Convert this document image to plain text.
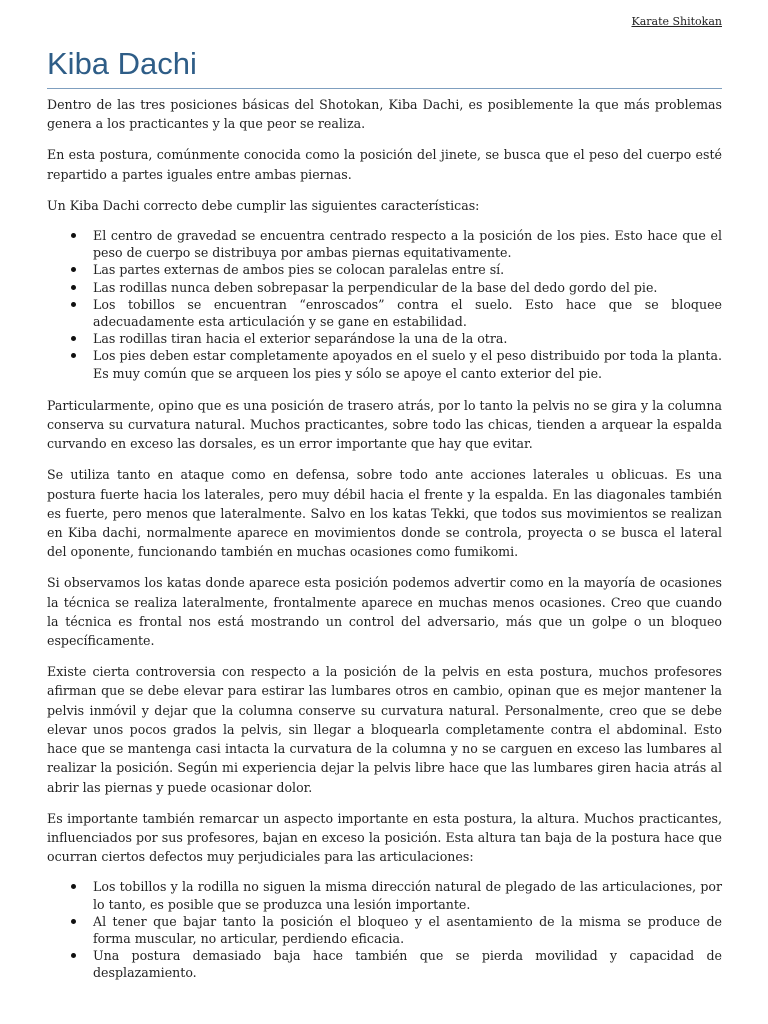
Karate Shitokan
Kiba Dachi

Dentro de las tres posiciones básicas del Shotokan, Kiba Dachi, es posiblemente la que más problemas genera a los practicantes y la que peor se realiza.

En esta postura, comúnmente conocida como la posición del jinete, se busca que el peso del cuerpo esté repartido a partes iguales entre ambas piernas.

Un Kiba Dachi correcto debe cumplir las siguientes características:

El centro de gravedad se encuentra centrado respecto a la posición de los pies. Esto hace que el peso de cuerpo se distribuya por ambas piernas equitativamente.
Las partes externas de ambos pies se colocan paralelas entre sí.
Las rodillas nunca deben sobrepasar la perpendicular de la base del dedo gordo del pie.
Los tobillos se encuentran “enroscados” contra el suelo. Esto hace que se bloquee adecuadamente esta articulación y se gane en estabilidad.
Las rodillas tiran hacia el exterior separándose la una de la otra.
Los pies deben estar completamente apoyados en el suelo y el peso distribuido por toda la planta. Es muy común que se arqueen los pies y sólo se apoye el canto exterior del pie.

Particularmente, opino que es una posición de trasero atrás, por lo tanto la pelvis no se gira y la columna conserva su curvatura natural. Muchos practicantes, sobre todo las chicas, tienden a arquear la espalda curvando en exceso las dorsales, es un error importante que hay que evitar.

Se utiliza tanto en ataque como en defensa, sobre todo ante acciones laterales u oblicuas. Es una postura fuerte hacia los laterales, pero muy débil hacia el frente y la espalda. En las diagonales también es fuerte, pero menos que lateralmente. Salvo en los katas Tekki, que todos sus movimientos se realizan en Kiba dachi, normalmente aparece en movimientos donde se controla, proyecta o se busca el lateral del oponente, funcionando también en muchas ocasiones como fumikomi.

Si observamos los katas donde aparece esta posición podemos advertir como en la mayoría de ocasiones la técnica se realiza lateralmente, frontalmente aparece en muchas menos ocasiones. Creo que cuando la técnica es frontal nos está mostrando un control del adversario, más que un golpe o un bloqueo específicamente.

Existe cierta controversia con respecto a la posición de la pelvis en esta postura, muchos profesores afirman que se debe elevar para estirar las lumbares otros en cambio, opinan que es mejor mantener la pelvis inmóvil y dejar que la columna conserve su curvatura natural. Personalmente, creo que se debe elevar unos pocos grados la pelvis, sin llegar a bloquearla completamente contra el abdominal. Esto hace que se mantenga casi intacta la curvatura de la columna y no se carguen en exceso las lumbares al realizar la posición. Según mi experiencia dejar la pelvis libre hace que las lumbares giren hacia atrás al abrir las piernas y puede ocasionar dolor.

Es importante también remarcar un aspecto importante en esta postura, la altura. Muchos practicantes, influenciados por sus profesores, bajan en exceso la posición. Esta altura tan baja de la postura hace que ocurran ciertos defectos muy perjudiciales para las articulaciones:

Los tobillos y la rodilla no siguen la misma dirección natural de plegado de las articulaciones, por lo tanto, es posible que se produzca una lesión importante.
Al tener que bajar tanto la posición el bloqueo y el asentamiento de la misma se produce de forma muscular, no articular, perdiendo eficacia.
Una postura demasiado baja hace también que se pierda movilidad y capacidad de desplazamiento.
